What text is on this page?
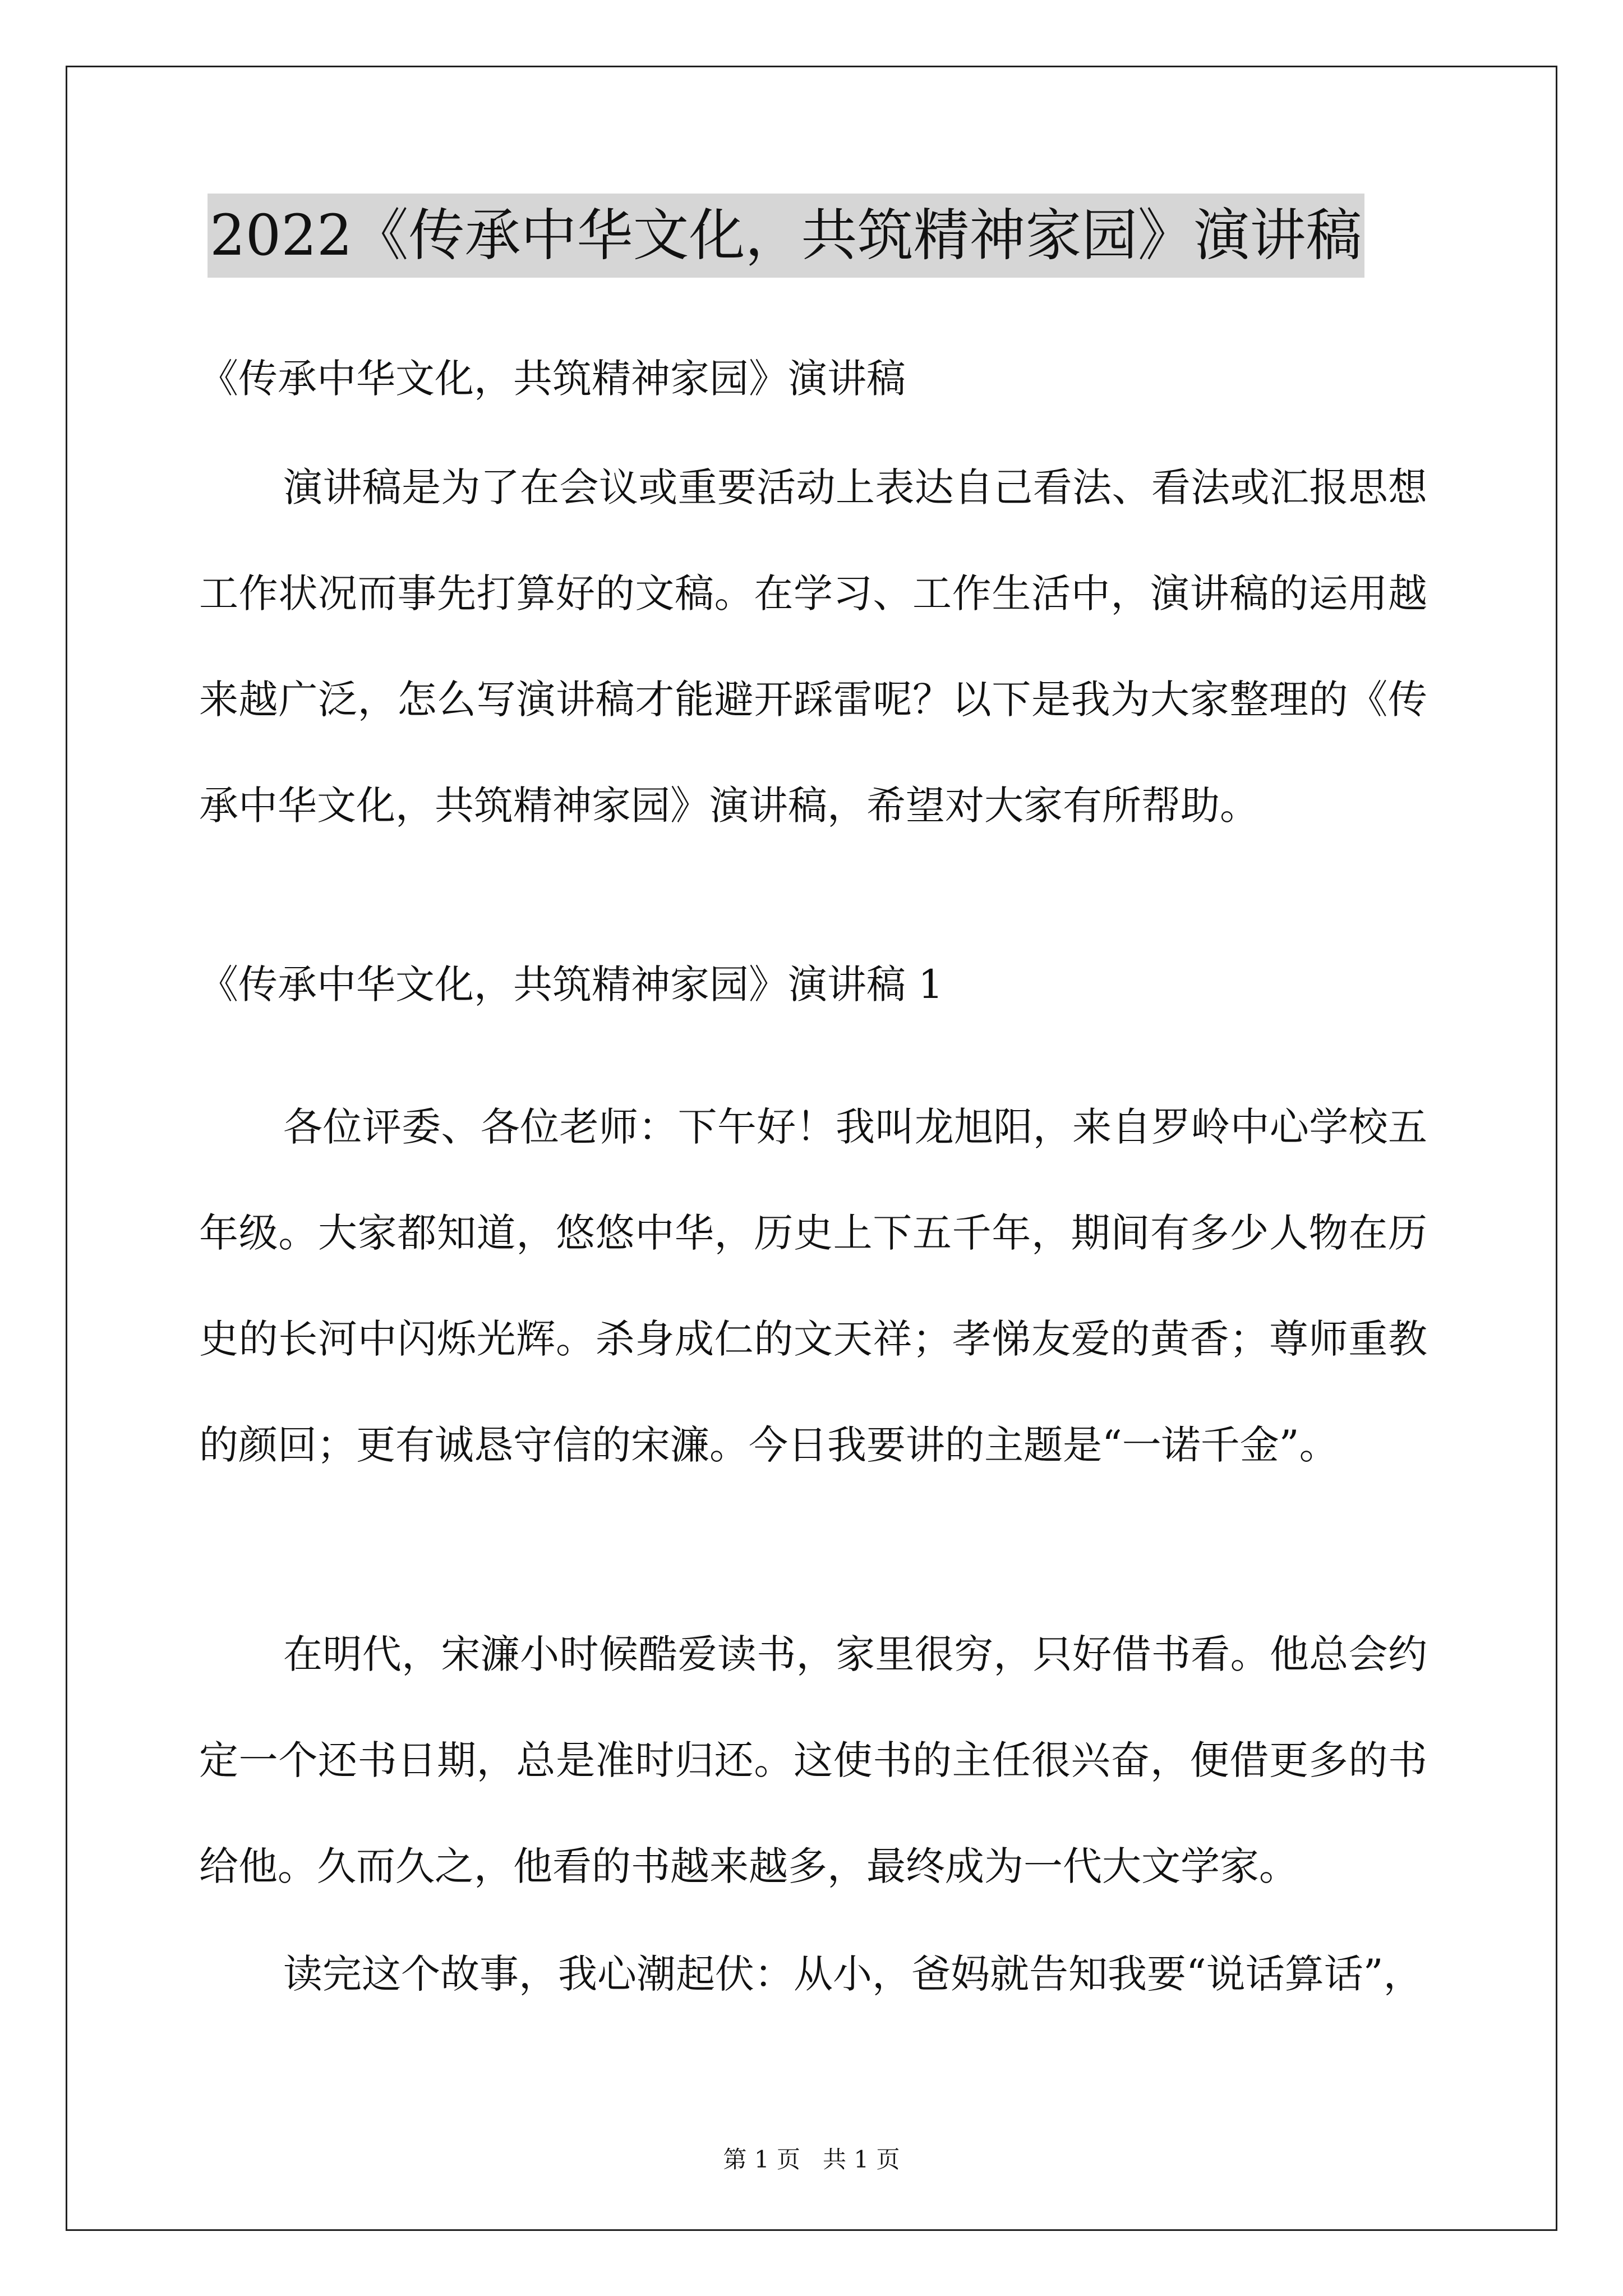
2022《传承中华文化，共筑精神家园》演讲稿
《传承中华文化，共筑精神家园》演讲稿

演讲稿是为了在会议或重要活动上表达自己看法、看法或汇报思想工作状况而事先打算好的文稿。在学习、工作生活中，演讲稿的运用越来越广泛，怎么写演讲稿才能避开踩雷呢？以下是我为大家整理的《传承中华文化，共筑精神家园》演讲稿，希望对大家有所帮助。

《传承中华文化，共筑精神家园》演讲稿 1

各位评委、各位老师：下午好！我叫龙旭阳，来自罗岭中心学校五年级。大家都知道，悠悠中华，历史上下五千年，期间有多少人物在历史的长河中闪烁光辉。杀身成仁的文天祥；孝悌友爱的黄香；尊师重教的颜回；更有诚恳守信的宋濂。今日我要讲的主题是“一诺千金”。

在明代，宋濂小时候酷爱读书，家里很穷，只好借书看。他总会约定一个还书日期，总是准时归还。这使书的主任很兴奋，便借更多的书给他。久而久之，他看的书越来越多，最终成为一代大文学家。

读完这个故事，我心潮起伏：从小，爸妈就告知我要“说话算话”，

第 1 页   共 1 页
